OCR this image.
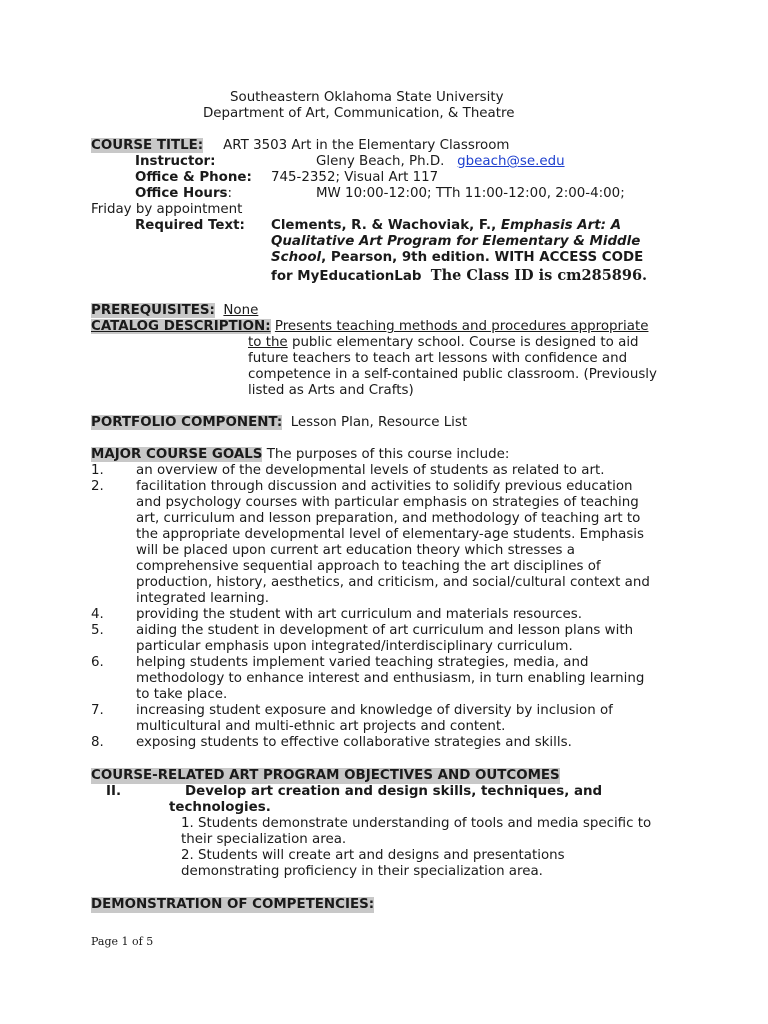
Southeastern Oklahoma State University
Department of Art, Communication, & Theatre
COURSE TITLE: ART 3503 Art in the Elementary Classroom
Instructor:	Gleny Beach, Ph.D. gbeach@se.edu
Office & Phone: 745-2352; Visual Art 117
Office Hours:	MW 10:00-12:00; TTh 11:00-12:00, 2:00-4:00;
Friday by appointment
Required Text: Clements, R. & Wachoviak, F., Emphasis Art: A
Qualitative Art Program for Elementary & Middle
School, Pearson, 9th edition. WITH ACCESS CODE
for MyEducationLab The Class ID is cm285896.
PREREQUISITES: None
CATALOG DESCRIPTION: Presents teaching methods and procedures appropriate
to the public elementary school. Course is designed to aid
future teachers to teach art lessons with confidence and
competence in a self-contained public classroom. (Previously
listed as Arts and Crafts)
PORTFOLIO COMPONENT: Lesson Plan, Resource List
MAJOR COURSE GOALS The purposes of this course include:
1. an overview of the developmental levels of students as related to art.
2. facilitation through discussion and activities to solidify previous education
and psychology courses with particular emphasis on strategies of teaching
art, curriculum and lesson preparation, and methodology of teaching art to
the appropriate developmental level of elementary-age students. Emphasis
will be placed upon current art education theory which stresses a
comprehensive sequential approach to teaching the art disciplines of
production, history, aesthetics, and criticism, and social/cultural context and
integrated learning.
4. providing the student with art curriculum and materials resources.
5. aiding the student in development of art curriculum and lesson plans with
particular emphasis upon integrated/interdisciplinary curriculum.
6. helping students implement varied teaching strategies, media, and
methodology to enhance interest and enthusiasm, in turn enabling learning
to take place.
7. increasing student exposure and knowledge of diversity by inclusion of
multicultural and multi-ethnic art projects and content.
8. exposing students to effective collaborative strategies and skills.
COURSE-RELATED ART PROGRAM OBJECTIVES AND OUTCOMES
II.	Develop art creation and design skills, techniques, and
technologies.
1. Students demonstrate understanding of tools and media specific to
their specialization area.
2. Students will create art and designs and presentations
demonstrating proficiency in their specialization area.
DEMONSTRATION OF COMPETENCIES:
Page 1 of 5
